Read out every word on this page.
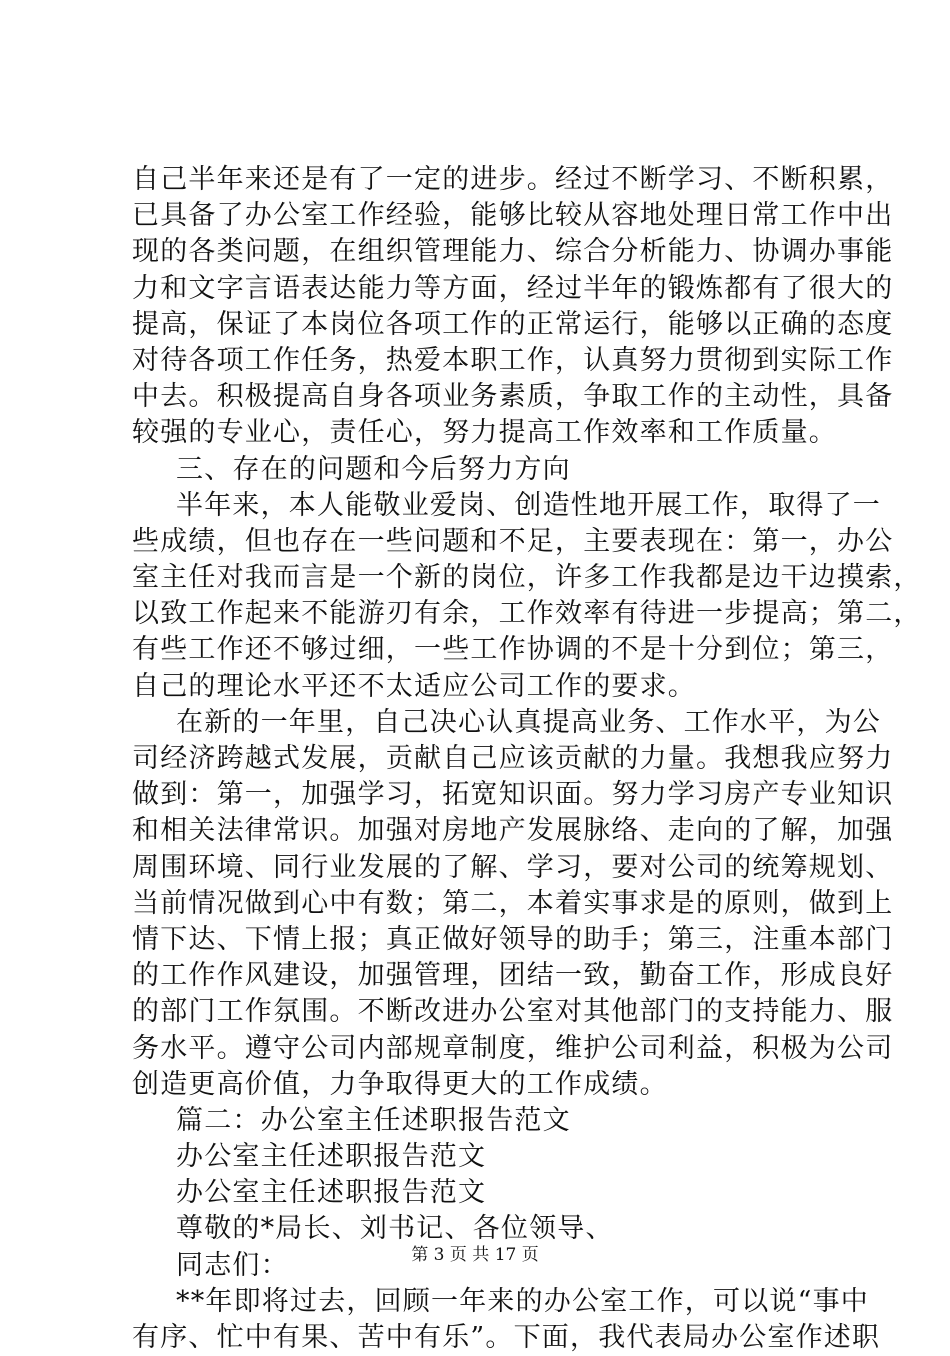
自己半年来还是有了一定的进步。经过不断学习、不断积累，
已具备了办公室工作经验，能够比较从容地处理日常工作中出
现的各类问题，在组织管理能力、综合分析能力、协调办事能
力和文字言语表达能力等方面，经过半年的锻炼都有了很大的
提高，保证了本岗位各项工作的正常运行，能够以正确的态度
对待各项工作任务，热爱本职工作，认真努力贯彻到实际工作
中去。积极提高自身各项业务素质，争取工作的主动性，具备
较强的专业心，责任心，努力提高工作效率和工作质量。
三、存在的问题和今后努力方向
半年来，本人能敬业爱岗、创造性地开展工作，取得了一
些成绩，但也存在一些问题和不足，主要表现在：第一，办公
室主任对我而言是一个新的岗位，许多工作我都是边干边摸索，
以致工作起来不能游刃有余，工作效率有待进一步提高；第二，
有些工作还不够过细，一些工作协调的不是十分到位；第三，
自己的理论水平还不太适应公司工作的要求。
在新的一年里，自己决心认真提高业务、工作水平，为公
司经济跨越式发展，贡献自己应该贡献的力量。我想我应努力
做到：第一，加强学习，拓宽知识面。努力学习房产专业知识
和相关法律常识。加强对房地产发展脉络、走向的了解，加强
周围环境、同行业发展的了解、学习，要对公司的统筹规划、
当前情况做到心中有数；第二，本着实事求是的原则，做到上
情下达、下情上报；真正做好领导的助手；第三，注重本部门
的工作作风建设，加强管理，团结一致，勤奋工作，形成良好
的部门工作氛围。不断改进办公室对其他部门的支持能力、服
务水平。遵守公司内部规章制度，维护公司利益，积极为公司
创造更高价值，力争取得更大的工作成绩。
篇二：办公室主任述职报告范文
办公室主任述职报告范文
办公室主任述职报告范文
尊敬的*局长、刘书记、各位领导、
同志们：
**年即将过去，回顾一年来的办公室工作，可以说“事中
有序、忙中有果、苦中有乐”。下面，我代表局办公室作述职
第 3 页 共 17 页
